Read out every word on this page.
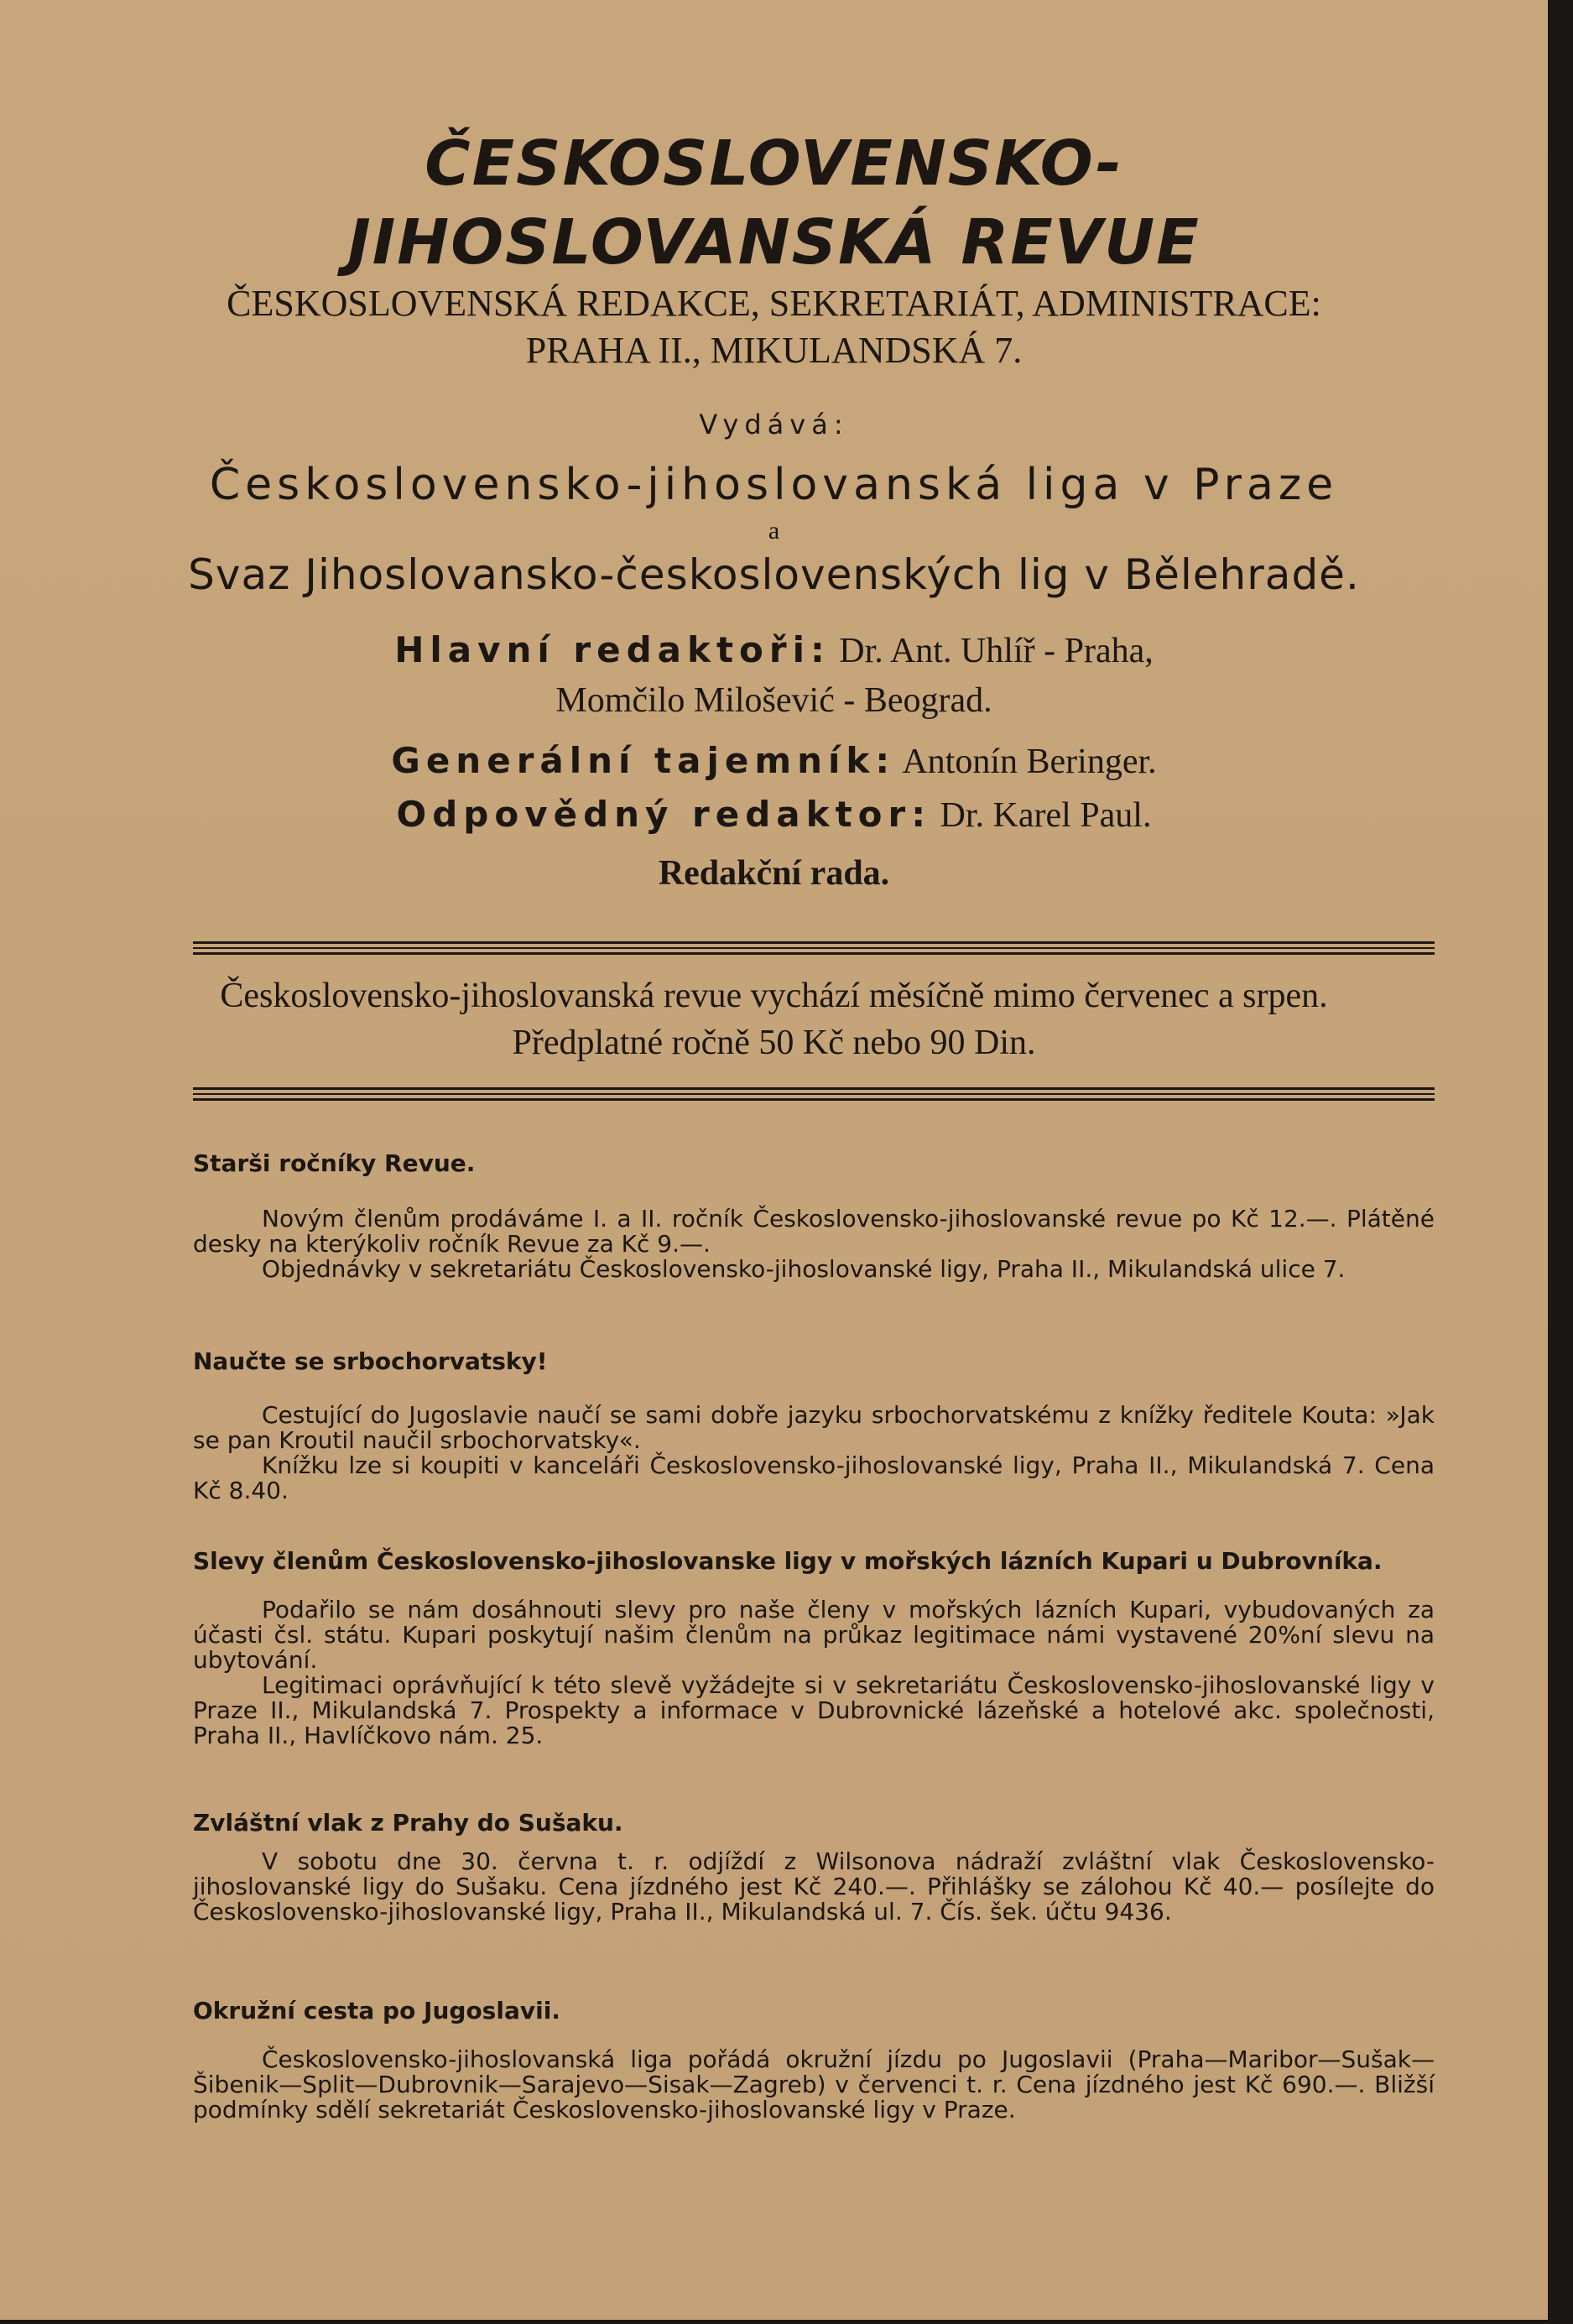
ČESKOSLOVENSKO-
JIHOSLOVANSKÁ REVUE
ČESKOSLOVENSKÁ REDAKCE, SEKRETARIÁT, ADMINISTRACE:
PRAHA II., MIKULANDSKÁ 7.
Vydává:
Československo-jihoslovanská liga v Praze
a
Svaz Jihoslovansko-československých lig v Bělehradě.
Hlavní redaktoři: Dr. Ant. Uhlíř - Praha,
Momčilo Milošević - Beograd.
Generální tajemník: Antonín Beringer.
Odpovědný redaktor: Dr. Karel Paul.
Redakční rada.
Československo-jihoslovanská revue vychází měsíčně mimo červenec a srpen.
Předplatné ročně 50 Kč nebo 90 Din.
Starši ročníky Revue.

Novým členům prodáváme I. a II. ročník Československo-jihoslovanské revue po Kč 12.—. Plátěné desky na kterýkoliv ročník Revue za Kč 9.—.

Objednávky v sekretariátu Československo-jihoslovanské ligy, Praha II., Mikulandská ulice 7.

Naučte se srbochorvatsky!

Cestující do Jugoslavie naučí se sami dobře jazyku srbochorvatskému z knížky ředitele Kouta: »Jak se pan Kroutil naučil srbochorvatsky«.

Knížku lze si koupiti v kanceláři Československo-jihoslovanské ligy, Praha II., Mikulandská 7. Cena Kč 8.40.

Slevy členům Československo-jihoslovanske ligy v mořských lázních Kupari u Dubrovníka.

Podařilo se nám dosáhnouti slevy pro naše členy v mořských lázních Kupari, vybudovaných za účasti čsl. státu. Kupari poskytují našim členům na průkaz legitimace námi vystavené 20%ní slevu na ubytování.

Legitimaci oprávňující k této slevě vyžádejte si v sekretariátu Československo-jihoslovanské ligy v Praze II., Mikulandská 7. Prospekty a informace v Dubrovnické lázeňské a hotelové akc. společnosti, Praha II., Havlíčkovo nám. 25.

Zvláštní vlak z Prahy do Sušaku.

V sobotu dne 30. června t. r. odjíždí z Wilsonova nádraží zvláštní vlak Československo-jihoslovanské ligy do Sušaku. Cena jízdného jest Kč 240.—. Přihlášky se zálohou Kč 40.— posílejte do Československo-jihoslovanské ligy, Praha II., Mikulandská ul. 7. Čís. šek. účtu 9436.

Okružní cesta po Jugoslavii.

Československo-jihoslovanská liga pořádá okružní jízdu po Jugoslavii (Praha—Maribor—Sušak—Šibenik—Split—Dubrovnik—Sarajevo—Sisak—Zagreb) v červenci t. r. Cena jízdného jest Kč 690.—. Bližší podmínky sdělí sekretariát Československo-jihoslovanské ligy v Praze.
